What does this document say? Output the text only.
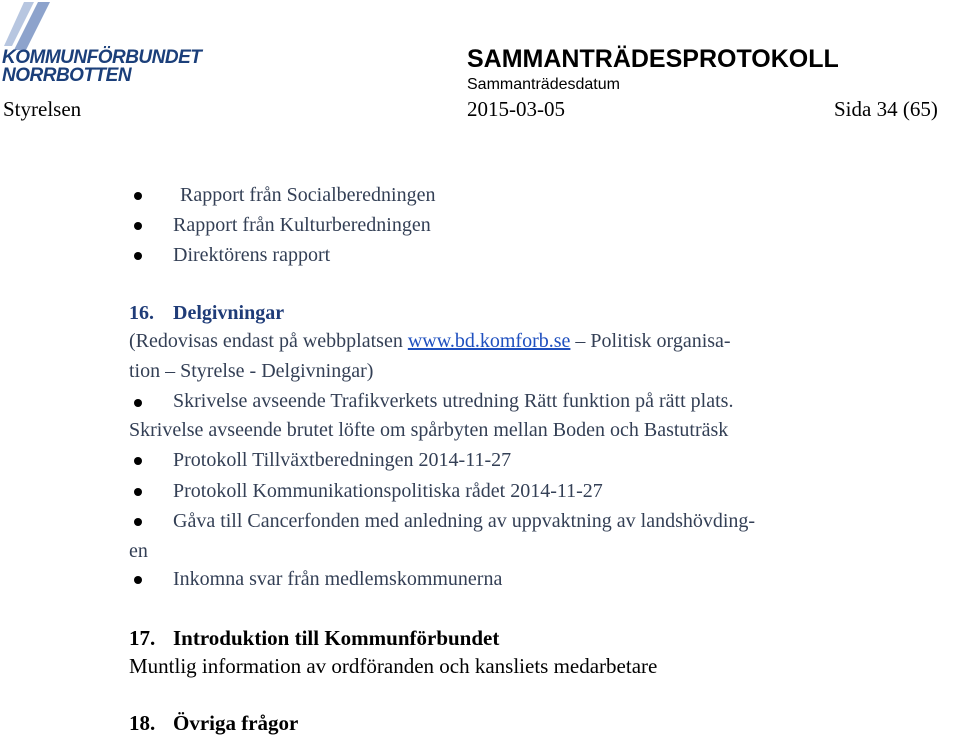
KOMMUNFÖRBUNDET
NORRBOTTEN
SAMMANTRÄDESPROTOKOLL
Sammanträdesdatum
Styrelsen	2015-03-05	Sida 34 (65)
Rapport från Socialberedningen
Rapport från Kulturberedningen
Direktörens rapport
16. Delgivningar
(Redovisas endast på webbplatsen www.bd.komforb.se – Politisk organisa-
tion – Styrelse - Delgivningar)
Skrivelse avseende Trafikverkets utredning Rätt funktion på rätt plats.
Skrivelse avseende brutet löfte om spårbyten mellan Boden och Bastuträsk
Protokoll Tillväxtberedningen 2014-11-27
Protokoll Kommunikationspolitiska rådet 2014-11-27
Gåva till Cancerfonden med anledning av uppvaktning av landshövding-
en
Inkomna svar från medlemskommunerna
17. Introduktion till Kommunförbundet
Muntlig information av ordföranden och kansliets medarbetare
18. Övriga frågor
